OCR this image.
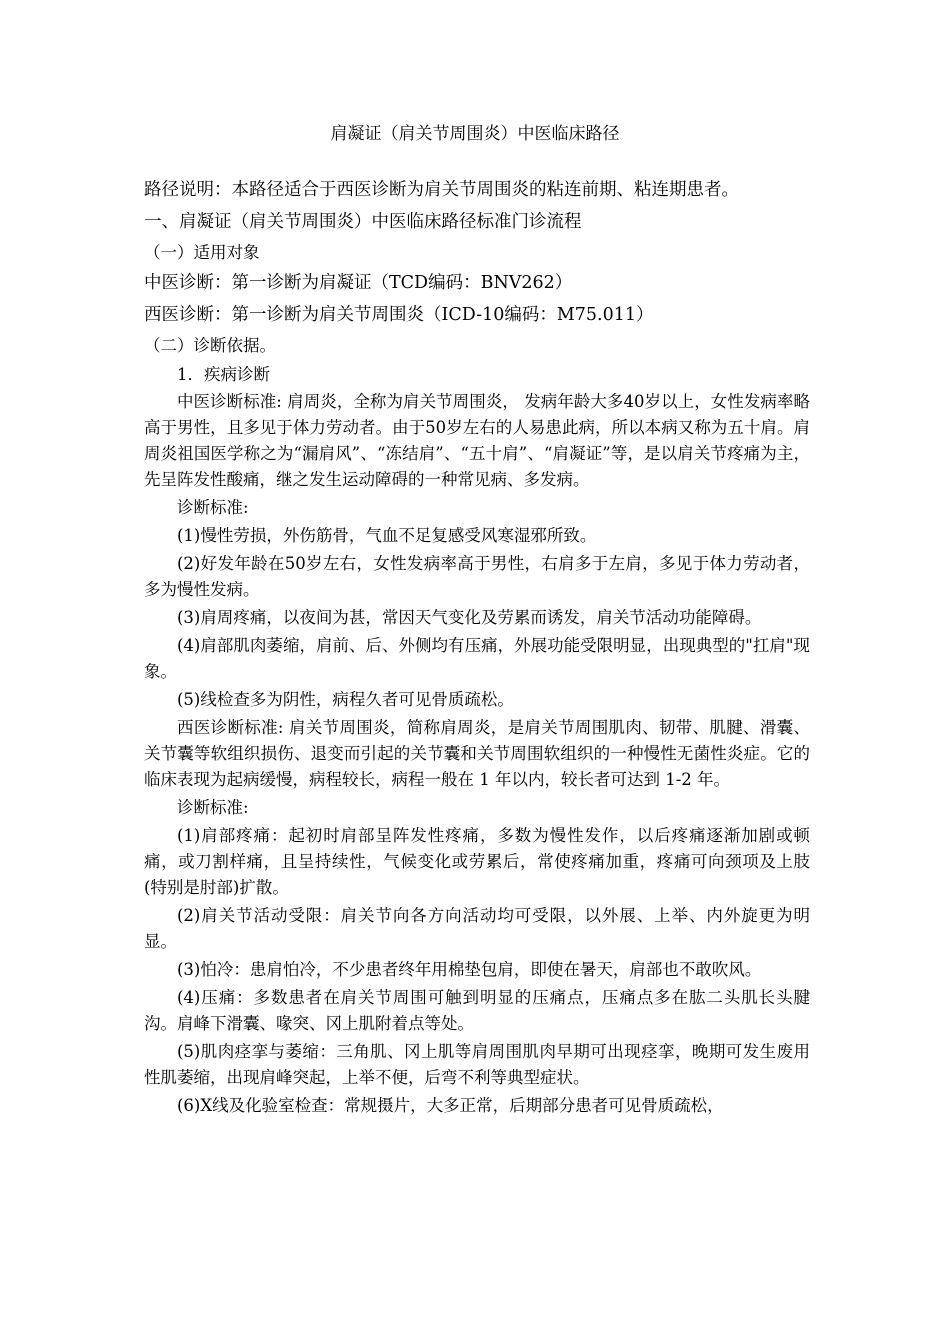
肩凝证（肩关节周围炎）中医临床路径

路径说明：本路径适合于西医诊断为肩关节周围炎的粘连前期、粘连期患者。

一、肩凝证（肩关节周围炎）中医临床路径标准门诊流程

（一）适用对象

中医诊断：第一诊断为肩凝证（TCD编码：BNV262）

西医诊断：第一诊断为肩关节周围炎（ICD-10编码：M75.011）

（二）诊断依据。

1．疾病诊断

中医诊断标准: 肩周炎，全称为肩关节周围炎， 发病年龄大多40岁以上，女性发病率略高于男性，且多见于体力劳动者。由于50岁左右的人易患此病，所以本病又称为五十肩。肩周炎祖国医学称之为“漏肩风”、“冻结肩”、“五十肩”、“肩凝证”等，是以肩关节疼痛为主，先呈阵发性酸痛，继之发生运动障碍的一种常见病、多发病。

诊断标准:

(1)慢性劳损，外伤筋骨，气血不足复感受风寒湿邪所致。

(2)好发年龄在50岁左右，女性发病率高于男性，右肩多于左肩，多见于体力劳动者，多为慢性发病。

(3)肩周疼痛，以夜间为甚，常因天气变化及劳累而诱发，肩关节活动功能障碍。

(4)肩部肌肉萎缩，肩前、后、外侧均有压痛，外展功能受限明显，出现典型的"扛肩"现象。

(5)线检查多为阴性，病程久者可见骨质疏松。

西医诊断标准: 肩关节周围炎，简称肩周炎，是肩关节周围肌肉、韧带、肌腱、滑囊、关节囊等软组织损伤、退变而引起的关节囊和关节周围软组织的一种慢性无菌性炎症。它的临床表现为起病缓慢，病程较长，病程一般在 1 年以内，较长者可达到 1-2 年。

诊断标准:

(1)肩部疼痛：起初时肩部呈阵发性疼痛，多数为慢性发作，以后疼痛逐渐加剧或顿痛，或刀割样痛，且呈持续性，气候变化或劳累后，常使疼痛加重，疼痛可向颈项及上肢(特别是肘部)扩散。

(2)肩关节活动受限：肩关节向各方向活动均可受限，以外展、上举、内外旋更为明显。

(3)怕冷：患肩怕冷，不少患者终年用棉垫包肩，即使在暑天，肩部也不敢吹风。

(4)压痛：多数患者在肩关节周围可触到明显的压痛点，压痛点多在肱二头肌长头腱沟。肩峰下滑囊、喙突、冈上肌附着点等处。

(5)肌肉痉挛与萎缩：三角肌、冈上肌等肩周围肌肉早期可出现痉挛，晚期可发生废用性肌萎缩，出现肩峰突起，上举不便，后弯不利等典型症状。

(6)X线及化验室检查：常规摄片，大多正常，后期部分患者可见骨质疏松，
